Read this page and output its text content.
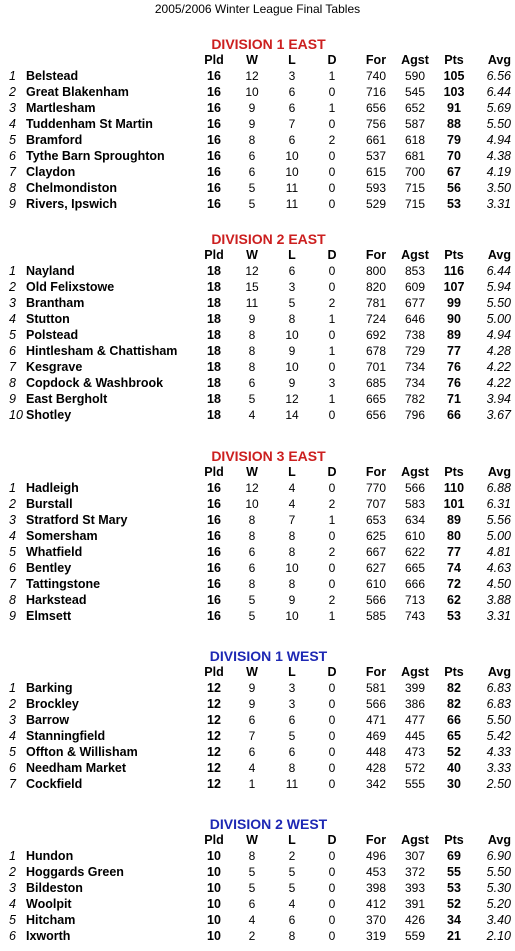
2005/2006 Winter League Final Tables
DIVISION 1 EAST
Pld	W	L	D	For	Agst	Pts	Avg
1 Belstead	16	12	3	1	740	590	105	6.56
2 Great Blakenham	16	10	6	0	716	545	103	6.44
3 Martlesham	16	9	6	1	656	652	91	5.69
4 Tuddenham St Martin	16	9	7	0	756	587	88	5.50
5 Bramford	16	8	6	2	661	618	79	4.94
6 Tythe Barn Sproughton	16	6	10	0	537	681	70	4.38
7 Claydon	16	6	10	0	615	700	67	4.19
8 Chelmondiston	16	5	11	0	593	715	56	3.50
9 Rivers, Ipswich	16	5	11	0	529	715	53	3.31
DIVISION 2 EAST
Pld	W	L	D	For	Agst	Pts	Avg
1 Nayland	18	12	6	0	800	853	116	6.44
2 Old Felixstowe	18	15	3	0	820	609	107	5.94
3 Brantham	18	11	5	2	781	677	99	5.50
4 Stutton	18	9	8	1	724	646	90	5.00
5 Polstead	18	8	10	0	692	738	89	4.94
6 Hintlesham & Chattisham	18	8	9	1	678	729	77	4.28
7 Kesgrave	18	8	10	0	701	734	76	4.22
8 Copdock & Washbrook	18	6	9	3	685	734	76	4.22
9 East Bergholt	18	5	12	1	665	782	71	3.94
10 Shotley	18	4	14	0	656	796	66	3.67
DIVISION 3 EAST
Pld	W	L	D	For	Agst	Pts	Avg
1 Hadleigh	16	12	4	0	770	566	110	6.88
2 Burstall	16	10	4	2	707	583	101	6.31
3 Stratford St Mary	16	8	7	1	653	634	89	5.56
4 Somersham	16	8	8	0	625	610	80	5.00
5 Whatfield	16	6	8	2	667	622	77	4.81
6 Bentley	16	6	10	0	627	665	74	4.63
7 Tattingstone	16	8	8	0	610	666	72	4.50
8 Harkstead	16	5	9	2	566	713	62	3.88
9 Elmsett	16	5	10	1	585	743	53	3.31
DIVISION 1 WEST
Pld	W	L	D	For	Agst	Pts	Avg
1 Barking	12	9	3	0	581	399	82	6.83
2 Brockley	12	9	3	0	566	386	82	6.83
3 Barrow	12	6	6	0	471	477	66	5.50
4 Stanningfield	12	7	5	0	469	445	65	5.42
5 Offton & Willisham	12	6	6	0	448	473	52	4.33
6 Needham Market	12	4	8	0	428	572	40	3.33
7 Cockfield	12	1	11	0	342	555	30	2.50
DIVISION 2 WEST
Pld	W	L	D	For	Agst	Pts	Avg
1 Hundon	10	8	2	0	496	307	69	6.90
2 Hoggards Green	10	5	5	0	453	372	55	5.50
3 Bildeston	10	5	5	0	398	393	53	5.30
4 Woolpit	10	6	4	0	412	391	52	5.20
5 Hitcham	10	4	6	0	370	426	34	3.40
6 Ixworth	10	2	8	0	319	559	21	2.10
